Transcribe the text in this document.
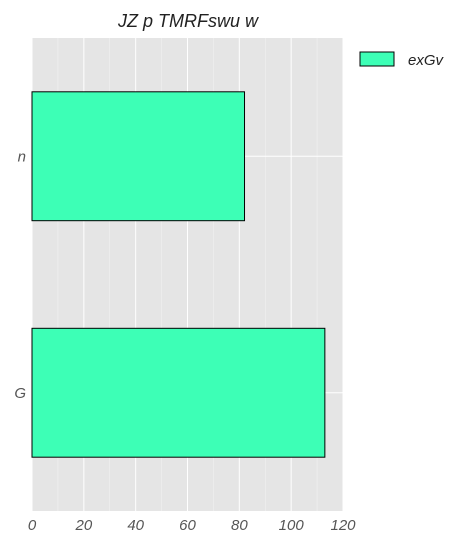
JZ p TMRFswu w
0	20 40 60 80 100 120
n
G
exGv
